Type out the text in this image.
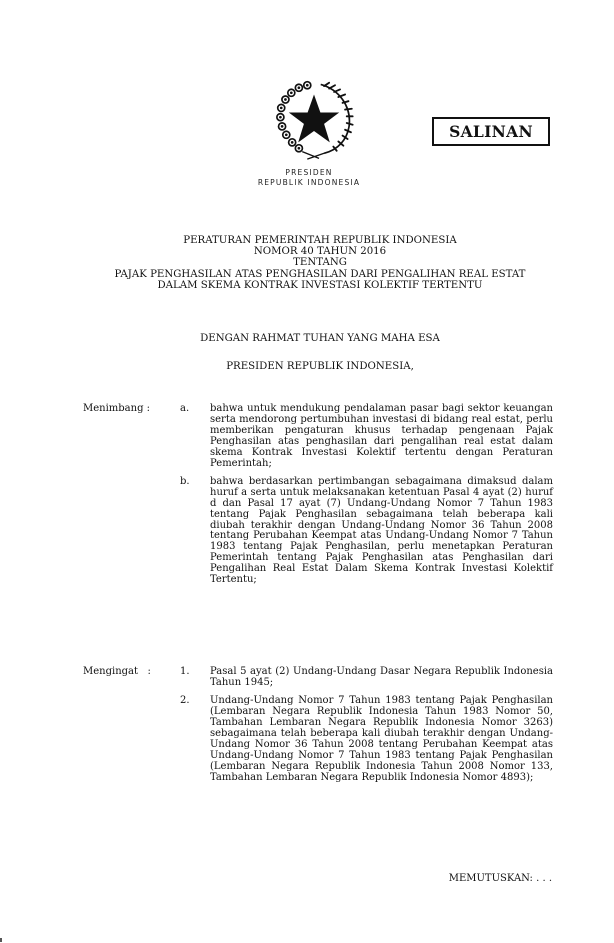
SALINAN
PRESIDEN
REPUBLIK INDONESIA
PERATURAN PEMERINTAH REPUBLIK INDONESIA
NOMOR 40 TAHUN 2016
TENTANG
PAJAK PENGHASILAN ATAS PENGHASILAN DARI PENGALIHAN REAL ESTAT
DALAM SKEMA KONTRAK INVESTASI KOLEKTIF TERTENTU
DENGAN RAHMAT TUHAN YANG MAHA ESA
PRESIDEN REPUBLIK INDONESIA,
Menimbang :	a. bahwa untuk mendukung pendalaman pasar bagi sektor keuangan serta mendorong pertumbuhan investasi di bidang real estat, perlu memberikan pengaturan khusus terhadap pengenaan Pajak Penghasilan atas penghasilan dari pengalihan real estat dalam skema Kontrak Investasi Kolektif tertentu dengan Peraturan Pemerintah;
b. bahwa berdasarkan pertimbangan sebagaimana dimaksud dalam huruf a serta untuk melaksanakan ketentuan Pasal 4 ayat (2) huruf d dan Pasal 17 ayat (7) Undang-Undang Nomor 7 Tahun 1983 tentang Pajak Penghasilan sebagaimana telah beberapa kali diubah terakhir dengan Undang-Undang Nomor 36 Tahun 2008 tentang Perubahan Keempat atas Undang-Undang Nomor 7 Tahun 1983 tentang Pajak Penghasilan, perlu menetapkan Peraturan Pemerintah tentang Pajak Penghasilan atas Penghasilan dari Pengalihan Real Estat Dalam Skema Kontrak Investasi Kolektif Tertentu;
Mengingat   :	1. Pasal 5 ayat (2) Undang-Undang Dasar Negara Republik Indonesia Tahun 1945;
2. Undang-Undang Nomor 7 Tahun 1983 tentang Pajak Penghasilan (Lembaran Negara Republik Indonesia Tahun 1983 Nomor 50, Tambahan Lembaran Negara Republik Indonesia Nomor 3263) sebagaimana telah beberapa kali diubah terakhir dengan Undang-Undang Nomor 36 Tahun 2008 tentang Perubahan Keempat atas Undang-Undang Nomor 7 Tahun 1983 tentang Pajak Penghasilan (Lembaran Negara Republik Indonesia Tahun 2008 Nomor 133, Tambahan Lembaran Negara Republik Indonesia Nomor 4893);
MEMUTUSKAN: . . .
